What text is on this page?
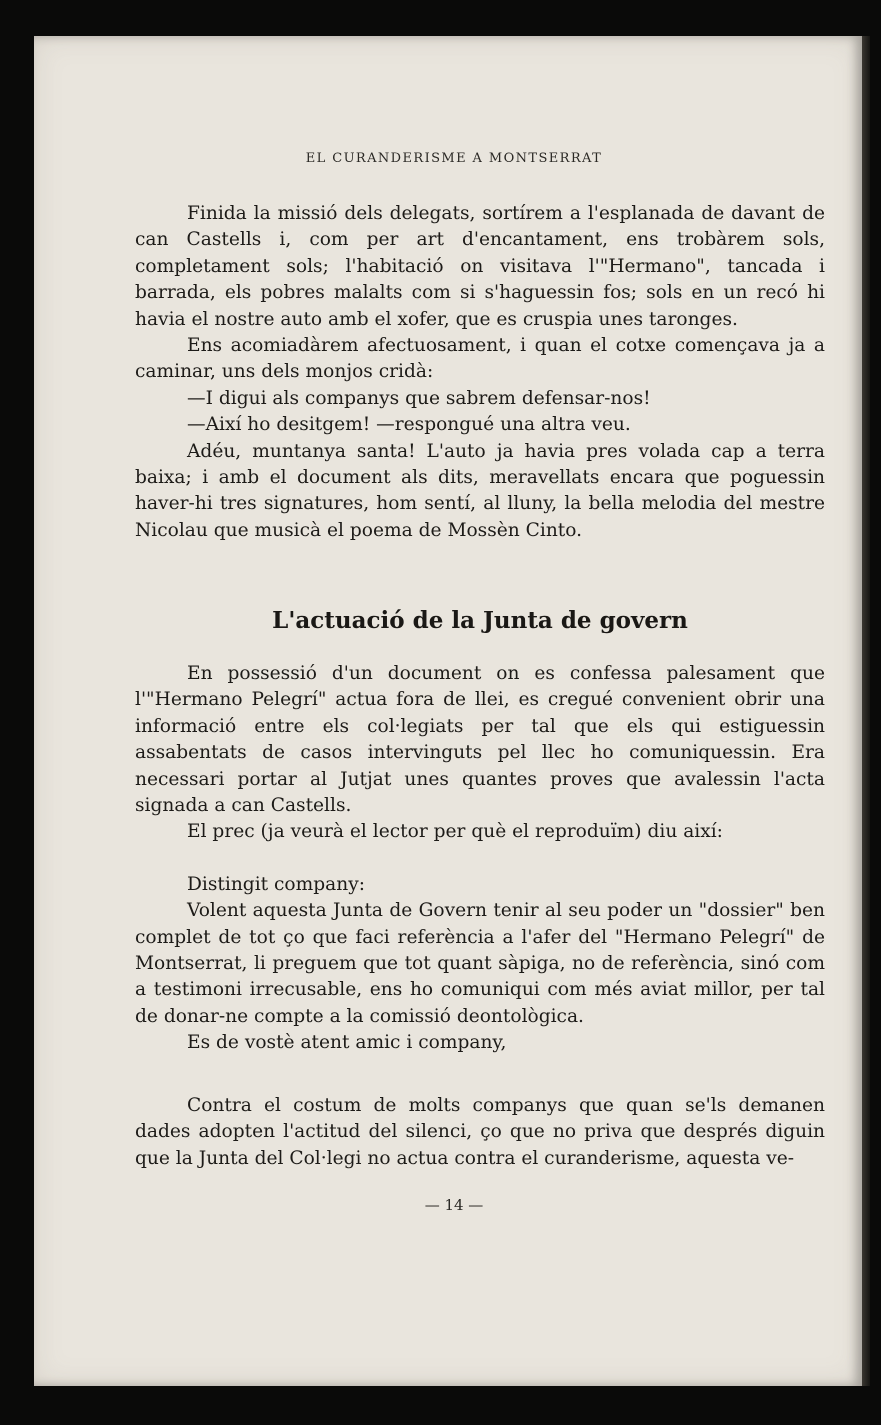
EL CURANDERISME A MONTSERRAT

Finida la missió dels delegats, sortírem a l'esplanada de davant de can Castells i, com per art d'encantament, ens trobàrem sols, completament sols; l'habitació on visitava l'"Hermano", tancada i barrada, els pobres malalts com si s'haguessin fos; sols en un recó hi havia el nostre auto amb el xofer, que es cruspia unes taronges.

Ens acomiadàrem afectuosament, i quan el cotxe començava ja a caminar, uns dels monjos cridà:

—I digui als companys que sabrem defensar-nos!

—Així ho desitgem! —respongué una altra veu.

Adéu, muntanya santa! L'auto ja havia pres volada cap a terra baixa; i amb el document als dits, meravellats encara que poguessin haver-hi tres signatures, hom sentí, al lluny, la bella melodia del mestre Nicolau que musicà el poema de Mossèn Cinto.

L'actuació de la Junta de govern

En possessió d'un document on es confessa palesament que l'"Hermano Pelegrí" actua fora de llei, es cregué convenient obrir una informació entre els col·legiats per tal que els qui estiguessin assabentats de casos intervinguts pel llec ho comuniquessin. Era necessari portar al Jutjat unes quantes proves que avalessin l'acta signada a can Castells.

El prec (ja veurà el lector per què el reproduïm) diu així:

Distingit company:

Volent aquesta Junta de Govern tenir al seu poder un "dossier" ben complet de tot ço que faci referència a l'afer del "Hermano Pelegrí" de Montserrat, li preguem que tot quant sàpiga, no de referència, sinó com a testimoni irrecusable, ens ho comuniqui com més aviat millor, per tal de donar-ne compte a la comissió deontològica.

Es de vostè atent amic i company,

Contra el costum de molts companys que quan se'ls demanen dades adopten l'actitud del silenci, ço que no priva que després diguin que la Junta del Col·legi no actua contra el curanderisme, aquesta ve-

— 14 —
